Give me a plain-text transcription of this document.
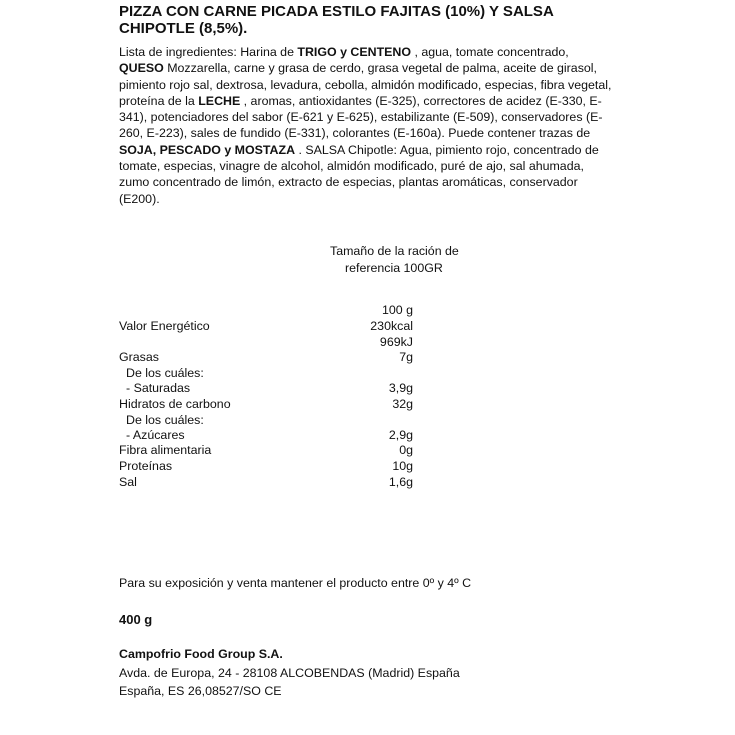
PIZZA CON CARNE PICADA ESTILO FAJITAS (10%) Y SALSA CHIPOTLE (8,5%).
Lista de ingredientes: Harina de TRIGO y CENTENO , agua, tomate concentrado, QUESO Mozzarella, carne y grasa de cerdo, grasa vegetal de palma, aceite de girasol, pimiento rojo sal, dextrosa, levadura, cebolla, almidón modificado, especias, fibra vegetal, proteína de la LECHE , aromas, antioxidantes (E-325), correctores de acidez (E-330, E-341), potenciadores del sabor (E-621 y E-625), estabilizante (E-509), conservadores (E-260, E-223), sales de fundido (E-331), colorantes (E-160a). Puede contener trazas de SOJA, PESCADO y MOSTAZA . SALSA Chipotle: Agua, pimiento rojo, concentrado de tomate, especias, vinagre de alcohol, almidón modificado, puré de ajo, sal ahumada, zumo concentrado de limón, extracto de especias, plantas aromáticas, conservador (E200).
Tamaño de la ración de
referencia 100GR
100 g
Valor Energético	230kcal
969kJ
Grasas	7g
De los cuáles:
- Saturadas	3,9g
Hidratos de carbono	32g
De los cuáles:
- Azúcares	2,9g
Fibra alimentaria	0g
Proteínas	10g
Sal	1,6g
Para su exposición y venta mantener el producto entre 0º y 4º C
400 g
Campofrio Food Group S.A.
Avda. de Europa, 24 - 28108 ALCOBENDAS (Madrid) España
España, ES 26,08527/SO CE
